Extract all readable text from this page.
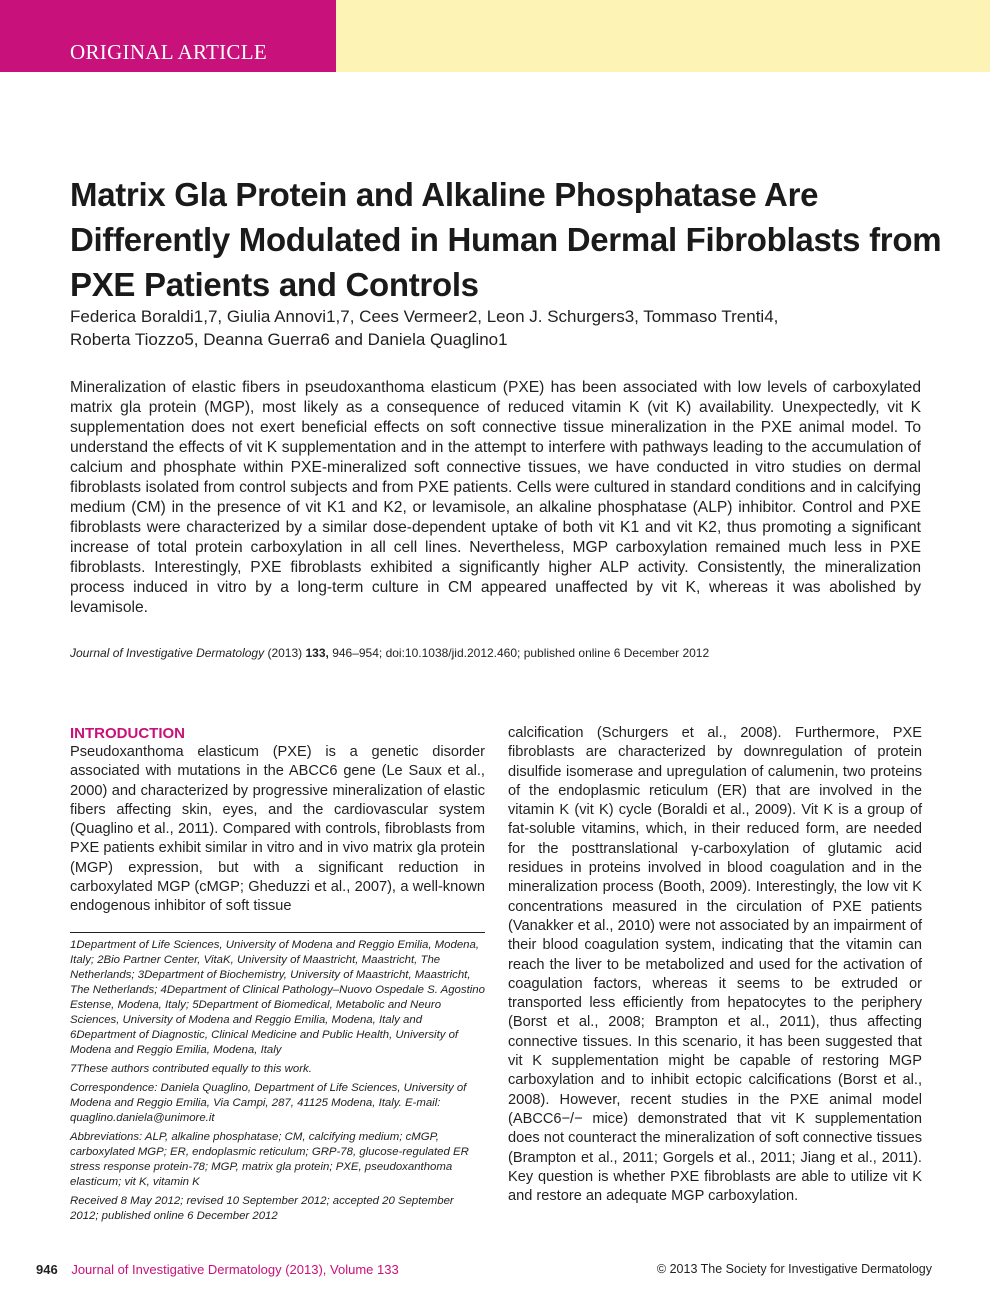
ORIGINAL ARTICLE
Matrix Gla Protein and Alkaline Phosphatase Are Differently Modulated in Human Dermal Fibroblasts from PXE Patients and Controls
Federica Boraldi1,7, Giulia Annovi1,7, Cees Vermeer2, Leon J. Schurgers3, Tommaso Trenti4,
Roberta Tiozzo5, Deanna Guerra6 and Daniela Quaglino1

Mineralization of elastic fibers in pseudoxanthoma elasticum (PXE) has been associated with low levels of carboxylated matrix gla protein (MGP), most likely as a consequence of reduced vitamin K (vit K) availability. Unexpectedly, vit K supplementation does not exert beneficial effects on soft connective tissue mineralization in the PXE animal model. To understand the effects of vit K supplementation and in the attempt to interfere with pathways leading to the accumulation of calcium and phosphate within PXE-mineralized soft connective tissues, we have conducted in vitro studies on dermal fibroblasts isolated from control subjects and from PXE patients. Cells were cultured in standard conditions and in calcifying medium (CM) in the presence of vit K1 and K2, or levamisole, an alkaline phosphatase (ALP) inhibitor. Control and PXE fibroblasts were characterized by a similar dose-dependent uptake of both vit K1 and vit K2, thus promoting a significant increase of total protein carboxylation in all cell lines. Nevertheless, MGP carboxylation remained much less in PXE fibroblasts. Interestingly, PXE fibroblasts exhibited a significantly higher ALP activity. Consistently, the mineralization process induced in vitro by a long-term culture in CM appeared unaffected by vit K, whereas it was abolished by levamisole.

Journal of Investigative Dermatology (2013) 133, 946–954; doi:10.1038/jid.2012.460; published online 6 December 2012
INTRODUCTION

Pseudoxanthoma elasticum (PXE) is a genetic disorder associated with mutations in the ABCC6 gene (Le Saux et al., 2000) and characterized by progressive mineralization of elastic fibers affecting skin, eyes, and the cardiovascular system (Quaglino et al., 2011). Compared with controls, fibroblasts from PXE patients exhibit similar in vitro and in vivo matrix gla protein (MGP) expression, but with a significant reduction in carboxylated MGP (cMGP; Gheduzzi et al., 2007), a well-known endogenous inhibitor of soft tissue

calcification (Schurgers et al., 2008). Furthermore, PXE fibroblasts are characterized by downregulation of protein disulfide isomerase and upregulation of calumenin, two proteins of the endoplasmic reticulum (ER) that are involved in the vitamin K (vit K) cycle (Boraldi et al., 2009). Vit K is a group of fat-soluble vitamins, which, in their reduced form, are needed for the posttranslational γ-carboxylation of glutamic acid residues in proteins involved in blood coagulation and in the mineralization process (Booth, 2009). Interestingly, the low vit K concentrations measured in the circulation of PXE patients (Vanakker et al., 2010) were not associated by an impairment of their blood coagulation system, indicating that the vitamin can reach the liver to be metabolized and used for the activation of coagulation factors, whereas it seems to be extruded or transported less efficiently from hepatocytes to the periphery (Borst et al., 2008; Brampton et al., 2011), thus affecting connective tissues. In this scenario, it has been suggested that vit K supplementation might be capable of restoring MGP carboxylation and to inhibit ectopic calcifications (Borst et al., 2008). However, recent studies in the PXE animal model (ABCC6−/− mice) demonstrated that vit K supplementation does not counteract the mineralization of soft connective tissues (Brampton et al., 2011; Gorgels et al., 2011; Jiang et al., 2011). Key question is whether PXE fibroblasts are able to utilize vit K and restore an adequate MGP carboxylation.

1Department of Life Sciences, University of Modena and Reggio Emilia, Modena, Italy; 2Bio Partner Center, VitaK, University of Maastricht, Maastricht, The Netherlands; 3Department of Biochemistry, University of Maastricht, Maastricht, The Netherlands; 4Department of Clinical Pathology–Nuovo Ospedale S. Agostino Estense, Modena, Italy; 5Department of Biomedical, Metabolic and Neuro Sciences, University of Modena and Reggio Emilia, Modena, Italy and 6Department of Diagnostic, Clinical Medicine and Public Health, University of Modena and Reggio Emilia, Modena, Italy

7These authors contributed equally to this work.

Correspondence: Daniela Quaglino, Department of Life Sciences, University of Modena and Reggio Emilia, Via Campi, 287, 41125 Modena, Italy. E-mail: quaglino.daniela@unimore.it

Abbreviations: ALP, alkaline phosphatase; CM, calcifying medium; cMGP, carboxylated MGP; ER, endoplasmic reticulum; GRP-78, glucose-regulated ER stress response protein-78; MGP, matrix gla protein; PXE, pseudoxanthoma elasticum; vit K, vitamin K

Received 8 May 2012; revised 10 September 2012; accepted 20 September 2012; published online 6 December 2012

946 Journal of Investigative Dermatology (2013), Volume 133	© 2013 The Society for Investigative Dermatology
